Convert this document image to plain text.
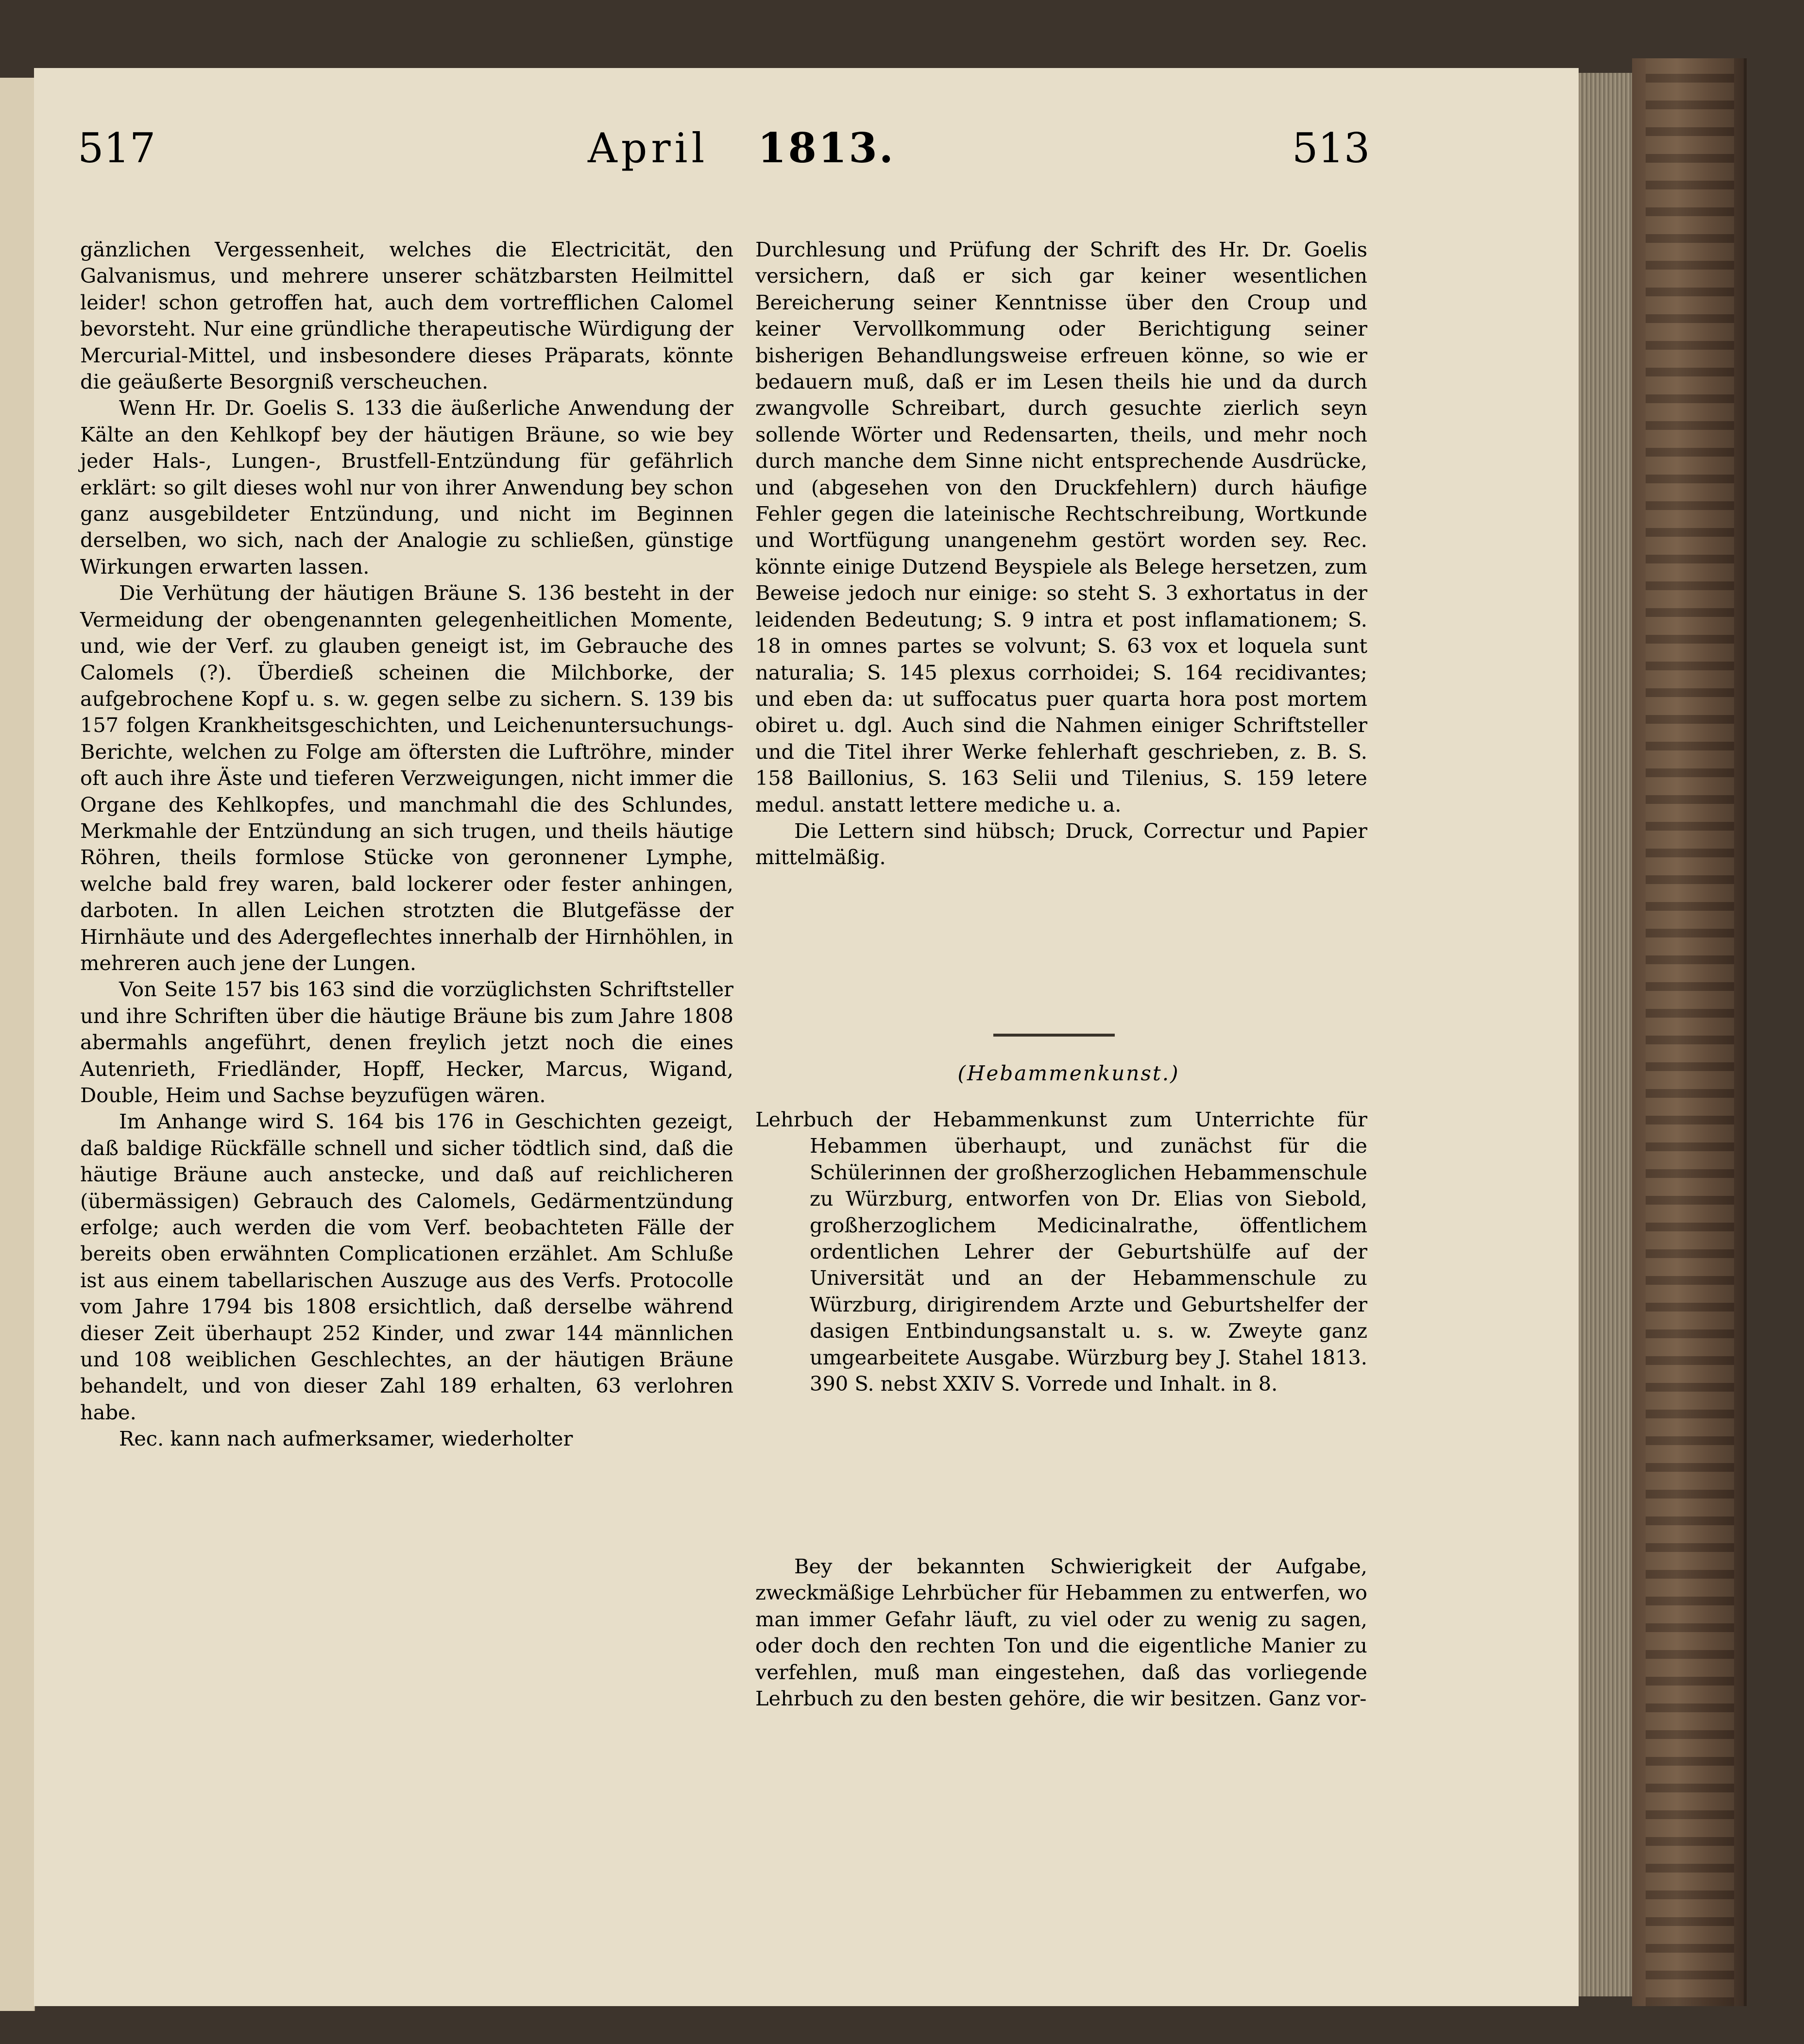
517	April 1813.	513

gänzlichen Vergessenheit, welches die Electricität, den Galvanismus, und mehrere unserer schätzbarsten Heilmittel leider! schon getroffen hat, auch dem vortrefflichen Calomel bevorsteht. Nur eine gründliche therapeutische Würdigung der Mercurial-Mittel, und insbesondere dieses Präparats, könnte die geäußerte Besorgniß verscheuchen.

Wenn Hr. Dr. Goelis S. 133 die äußerliche Anwendung der Kälte an den Kehlkopf bey der häutigen Bräune, so wie bey jeder Hals-, Lungen-, Brustfell-Entzündung für gefährlich erklärt: so gilt dieses wohl nur von ihrer Anwendung bey schon ganz ausgebildeter Entzündung, und nicht im Beginnen derselben, wo sich, nach der Analogie zu schließen, günstige Wirkungen erwarten lassen.

Die Verhütung der häutigen Bräune S. 136 besteht in der Vermeidung der obengenannten gelegenheitlichen Momente, und, wie der Verf. zu glauben geneigt ist, im Gebrauche des Calomels (?). Überdieß scheinen die Milchborke, der aufgebrochene Kopf u. s. w. gegen selbe zu sichern. S. 139 bis 157 folgen Krankheitsgeschichten, und Leichenuntersuchungs-Berichte, welchen zu Folge am öftersten die Luftröhre, minder oft auch ihre Äste und tieferen Verzweigungen, nicht immer die Organe des Kehlkopfes, und manchmahl die des Schlundes, Merkmahle der Entzündung an sich trugen, und theils häutige Röhren, theils formlose Stücke von geronnener Lymphe, welche bald frey waren, bald lockerer oder fester anhingen, darboten. In allen Leichen strotzten die Blutgefässe der Hirnhäute und des Adergeflechtes innerhalb der Hirnhöhlen, in mehreren auch jene der Lungen.

Von Seite 157 bis 163 sind die vorzüglichsten Schriftsteller und ihre Schriften über die häutige Bräune bis zum Jahre 1808 abermahls angeführt, denen freylich jetzt noch die eines Autenrieth, Friedländer, Hopff, Hecker, Marcus, Wigand, Double, Heim und Sachse beyzufügen wären.

Im Anhange wird S. 164 bis 176 in Geschichten gezeigt, daß baldige Rückfälle schnell und sicher tödtlich sind, daß die häutige Bräune auch anstecke, und daß auf reichlicheren (übermässigen) Gebrauch des Calomels, Gedärmentzündung erfolge; auch werden die vom Verf. beobachteten Fälle der bereits oben erwähnten Complicationen erzählet. Am Schluße ist aus einem tabellarischen Auszuge aus des Verfs. Protocolle vom Jahre 1794 bis 1808 ersichtlich, daß derselbe während dieser Zeit überhaupt 252 Kinder, und zwar 144 männlichen und 108 weiblichen Geschlechtes, an der häutigen Bräune behandelt, und von dieser Zahl 189 erhalten, 63 verlohren habe.

Rec. kann nach aufmerksamer, wiederholter

Durchlesung und Prüfung der Schrift des Hr. Dr. Goelis versichern, daß er sich gar keiner wesentlichen Bereicherung seiner Kenntnisse über den Croup und keiner Vervollkommung oder Berichtigung seiner bisherigen Behandlungsweise erfreuen könne, so wie er bedauern muß, daß er im Lesen theils hie und da durch zwangvolle Schreibart, durch gesuchte zierlich seyn sollende Wörter und Redensarten, theils, und mehr noch durch manche dem Sinne nicht entsprechende Ausdrücke, und (abgesehen von den Druckfehlern) durch häufige Fehler gegen die lateinische Rechtschreibung, Wortkunde und Wortfügung unangenehm gestört worden sey. Rec. könnte einige Dutzend Beyspiele als Belege hersetzen, zum Beweise jedoch nur einige: so steht S. 3 exhortatus in der leidenden Bedeutung; S. 9 intra et post inflamationem; S. 18 in omnes partes se volvunt; S. 63 vox et loquela sunt naturalia; S. 145 plexus corrhoidei; S. 164 recidivantes; und eben da: ut suffocatus puer quarta hora post mortem obiret u. dgl. Auch sind die Nahmen einiger Schriftsteller und die Titel ihrer Werke fehlerhaft geschrieben, z. B. S. 158 Baillonius, S. 163 Selii und Tilenius, S. 159 letere medul. anstatt lettere mediche u. a.

Die Lettern sind hübsch; Druck, Correctur und Papier mittelmäßig.

(Hebammenkunst.)
Lehrbuch der Hebammenkunst zum Unterrichte für Hebammen überhaupt, und zunächst für die Schülerinnen der großherzoglichen Hebammenschule zu Würzburg, entworfen von Dr. Elias von Siebold, großherzoglichem Medicinalrathe, öffentlichem ordentlichen Lehrer der Geburtshülfe auf der Universität und an der Hebammenschule zu Würzburg, dirigirendem Arzte und Geburtshelfer der dasigen Entbindungsanstalt u. s. w. Zweyte ganz umgearbeitete Ausgabe. Würzburg bey J. Stahel 1813. 390 S. nebst XXIV S. Vorrede und Inhalt. in 8.
Bey der bekannten Schwierigkeit der Aufgabe, zweckmäßige Lehrbücher für Hebammen zu entwerfen, wo man immer Gefahr läuft, zu viel oder zu wenig zu sagen, oder doch den rechten Ton und die eigentliche Manier zu verfehlen, muß man eingestehen, daß das vorliegende Lehrbuch zu den besten gehöre, die wir besitzen. Ganz vor-
